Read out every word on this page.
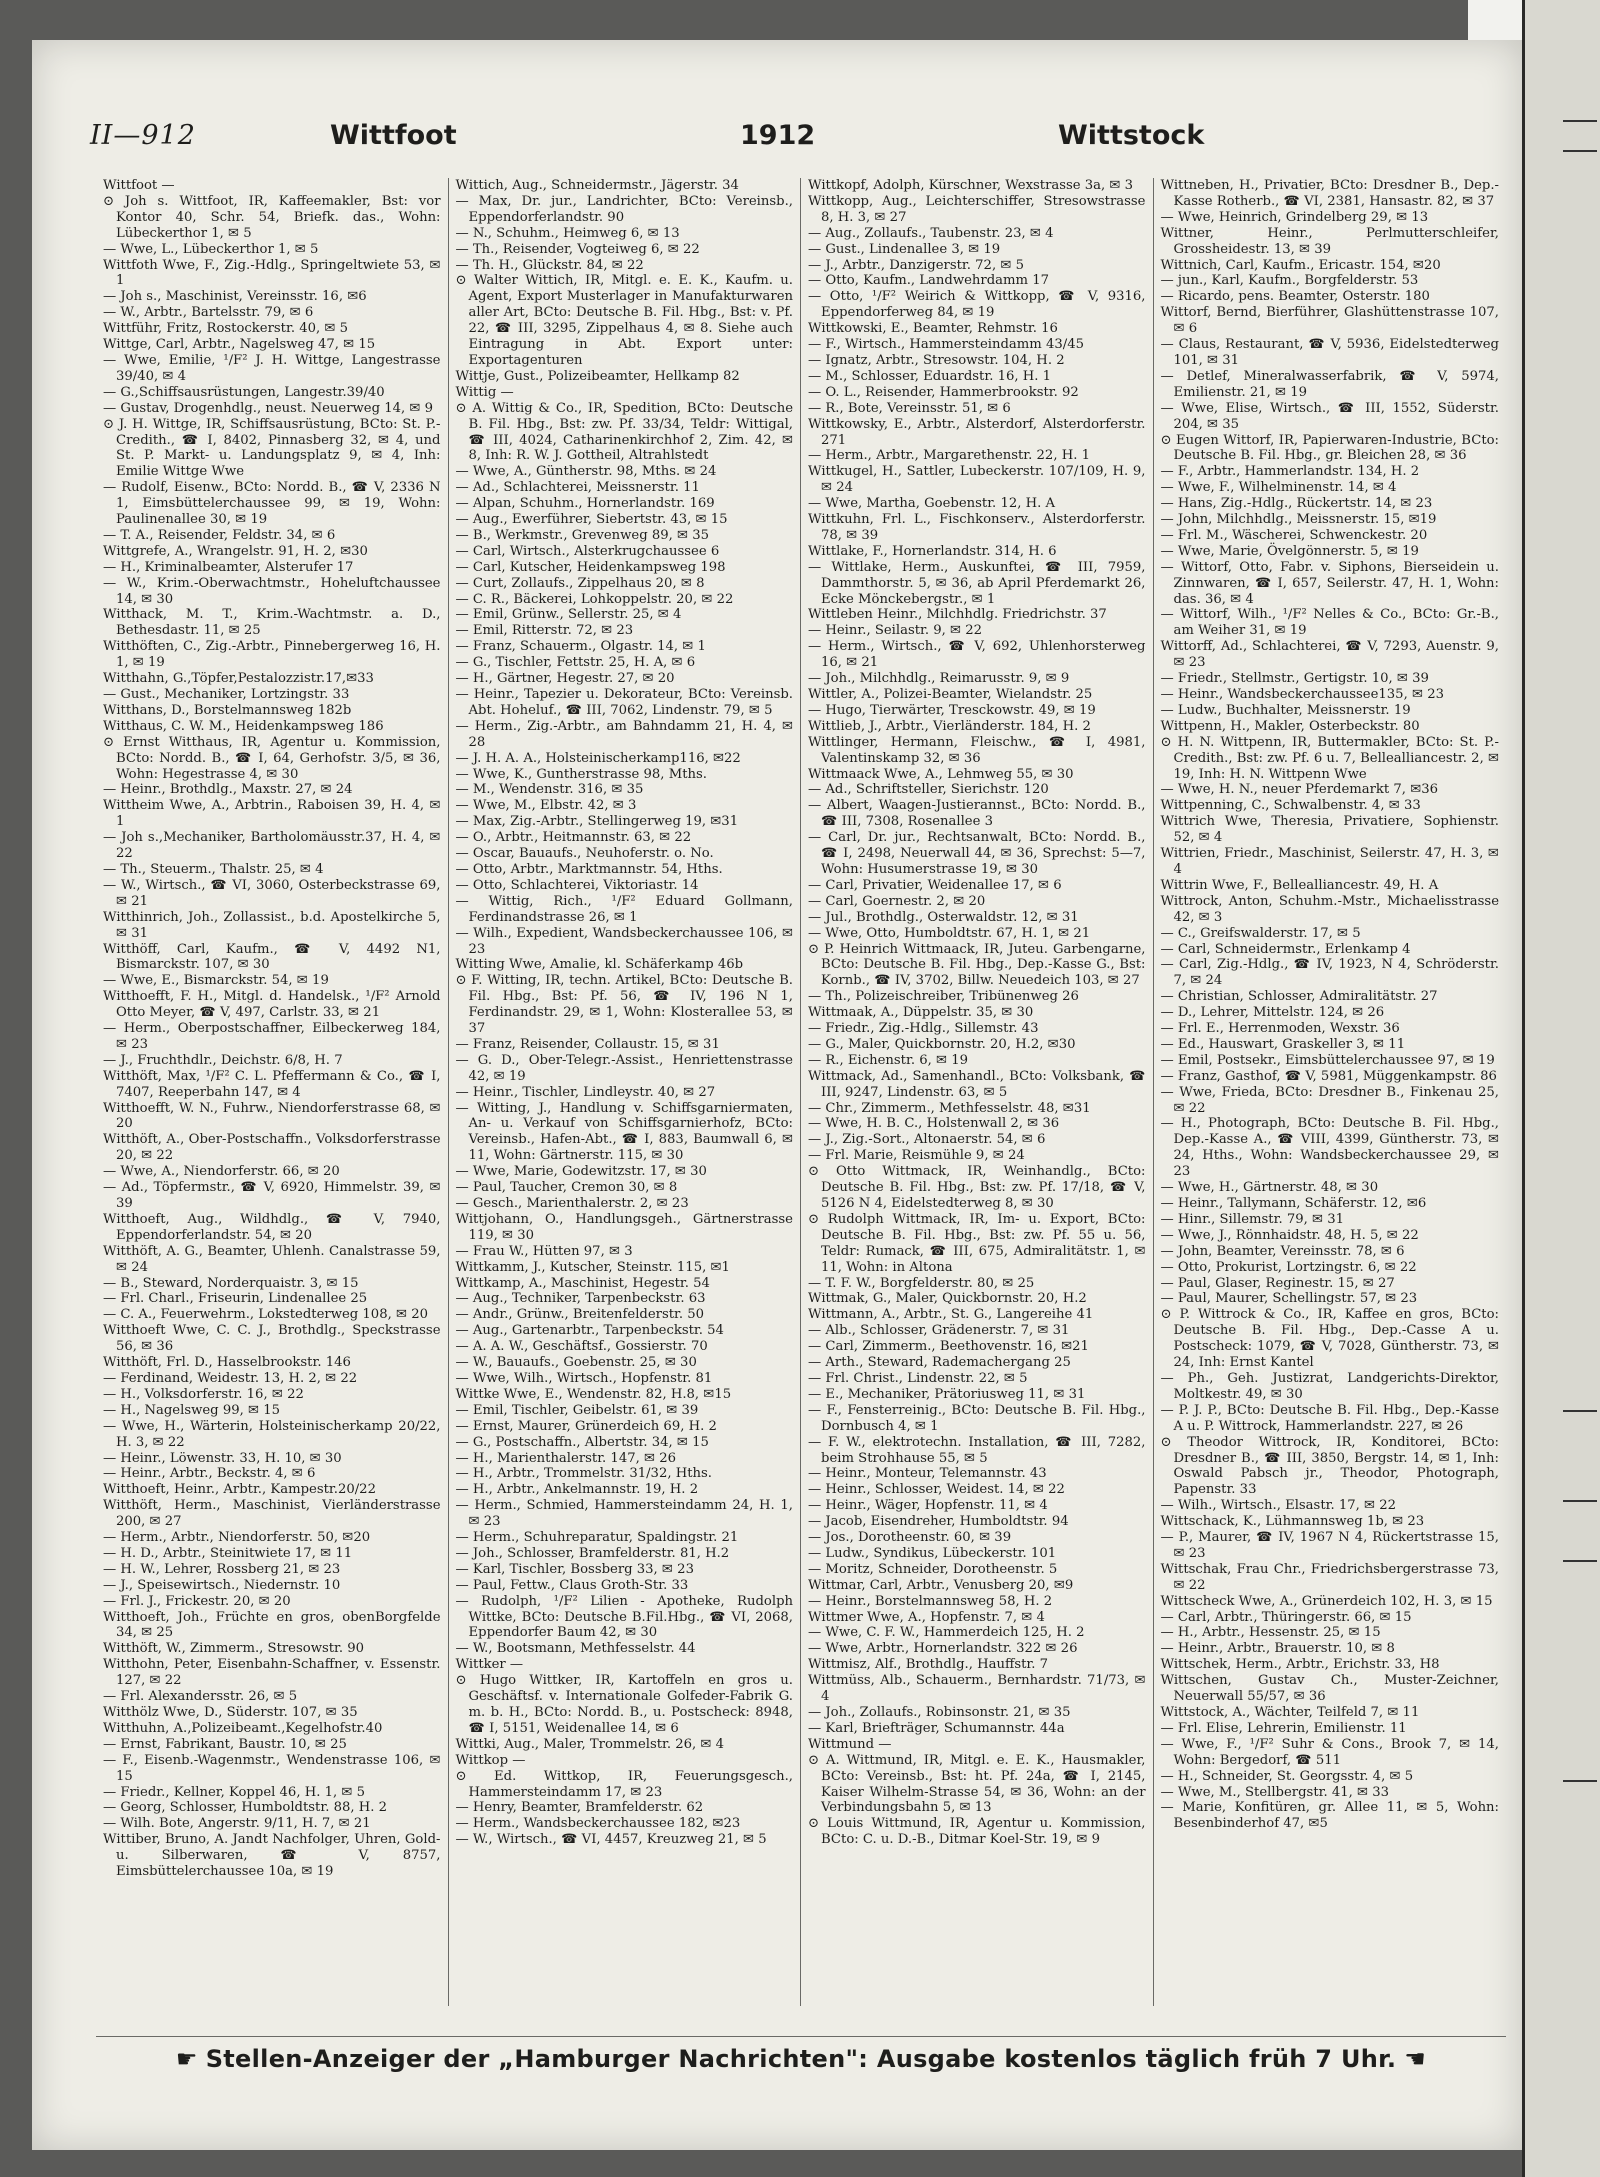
II—912	Wittfoot	1912	Wittstock

Wittfoot —

⊙ Joh s. Wittfoot, IR, Kaffeemakler, Bst: vor Kontor 40, Schr. 54, Briefk. das., Wohn: Lübeckerthor 1, ✉ 5

— Wwe, L., Lübeckerthor 1, ✉ 5

Wittfoth Wwe, F., Zig.-Hdlg., Springeltwiete 53, ✉ 1

— Joh s., Maschinist, Vereinsstr. 16, ✉6

— W., Arbtr., Bartelsstr. 79, ✉ 6

Wittführ, Fritz, Rostockerstr. 40, ✉ 5

Wittge, Carl, Arbtr., Nagelsweg 47, ✉ 15

— Wwe, Emilie, ¹/F² J. H. Wittge, Langestrasse 39/40, ✉ 4

— G.,Schiffsausrüstungen, Langestr.39/40

— Gustav, Drogenhdlg., neust. Neuerweg 14, ✉ 9

⊙ J. H. Wittge, IR, Schiffsausrüstung, BCto: St. P.-Credith., ☎ I, 8402, Pinnasberg 32, ✉ 4, und St. P. Markt- u. Landungsplatz 9, ✉ 4, Inh: Emilie Wittge Wwe

— Rudolf, Eisenw., BCto: Nordd. B., ☎ V, 2336 N 1, Eimsbüttelerchaussee 99, ✉ 19, Wohn: Paulinenallee 30, ✉ 19

— T. A., Reisender, Feldstr. 34, ✉ 6

Wittgrefe, A., Wrangelstr. 91, H. 2, ✉30

— H., Kriminalbeamter, Alsterufer 17

— W., Krim.-Oberwachtmstr., Hoheluftchaussee 14, ✉ 30

Witthack, M. T., Krim.-Wachtmstr. a. D., Bethesdastr. 11, ✉ 25

Witthöften, C., Zig.-Arbtr., Pinnebergerweg 16, H. 1, ✉ 19

Witthahn, G.,Töpfer,Pestalozzistr.17,✉33

— Gust., Mechaniker, Lortzingstr. 33

Witthans, D., Borstelmannsweg 182b

Witthaus, C. W. M., Heidenkampsweg 186

⊙ Ernst Witthaus, IR, Agentur u. Kommission, BCto: Nordd. B., ☎ I, 64, Gerhofstr. 3/5, ✉ 36, Wohn: Hegestrasse 4, ✉ 30

— Heinr., Brothdlg., Maxstr. 27, ✉ 24

Wittheim Wwe, A., Arbtrin., Raboisen 39, H. 4, ✉ 1

— Joh s.,Mechaniker, Bartholomäusstr.37, H. 4, ✉ 22

— Th., Steuerm., Thalstr. 25, ✉ 4

— W., Wirtsch., ☎ VI, 3060, Osterbeckstrasse 69, ✉ 21

Witthinrich, Joh., Zollassist., b.d. Apostelkirche 5, ✉ 31

Witthöff, Carl, Kaufm., ☎ V, 4492 N1, Bismarckstr. 107, ✉ 30

— Wwe, E., Bismarckstr. 54, ✉ 19

Witthoefft, F. H., Mitgl. d. Handelsk., ¹/F² Arnold Otto Meyer, ☎ V, 497, Carlstr. 33, ✉ 21

— Herm., Oberpostschaffner, Eilbeckerweg 184, ✉ 23

— J., Fruchthdlr., Deichstr. 6/8, H. 7

Witthöft, Max, ¹/F² C. L. Pfeffermann & Co., ☎ I, 7407, Reeperbahn 147, ✉ 4

Witthoefft, W. N., Fuhrw., Niendorferstrasse 68, ✉ 20

Witthöft, A., Ober-Postschaffn., Volksdorferstrasse 20, ✉ 22

— Wwe, A., Niendorferstr. 66, ✉ 20

— Ad., Töpfermstr., ☎ V, 6920, Himmelstr. 39, ✉ 39

Witthoeft, Aug., Wildhdlg., ☎ V, 7940, Eppendorferlandstr. 54, ✉ 20

Witthöft, A. G., Beamter, Uhlenh. Canalstrasse 59, ✉ 24

— B., Steward, Norderquaistr. 3, ✉ 15

— Frl. Charl., Friseurin, Lindenallee 25

— C. A., Feuerwehrm., Lokstedterweg 108, ✉ 20

Witthoeft Wwe, C. C. J., Brothdlg., Speckstrasse 56, ✉ 36

Witthöft, Frl. D., Hasselbrookstr. 146

— Ferdinand, Weidestr. 13, H. 2, ✉ 22

— H., Volksdorferstr. 16, ✉ 22

— H., Nagelsweg 99, ✉ 15

— Wwe, H., Wärterin, Holsteinischerkamp 20/22, H. 3, ✉ 22

— Heinr., Löwenstr. 33, H. 10, ✉ 30

— Heinr., Arbtr., Beckstr. 4, ✉ 6

Witthoeft, Heinr., Arbtr., Kampestr.20/22

Witthöft, Herm., Maschinist, Vierländerstrasse 200, ✉ 27

— Herm., Arbtr., Niendorferstr. 50, ✉20

— H. D., Arbtr., Steinitwiete 17, ✉ 11

— H. W., Lehrer, Rossberg 21, ✉ 23

— J., Speisewirtsch., Niedernstr. 10

— Frl. J., Frickestr. 20, ✉ 20

Witthoeft, Joh., Früchte en gros, obenBorgfelde 34, ✉ 25

Witthöft, W., Zimmerm., Stresowstr. 90

Witthohn, Peter, Eisenbahn-Schaffner, v. Essenstr. 127, ✉ 22

— Frl. Alexandersstr. 26, ✉ 5

Witthölz Wwe, D., Süderstr. 107, ✉ 35

Witthuhn, A.,Polizeibeamt.,Kegelhofstr.40

— Ernst, Fabrikant, Baustr. 10, ✉ 25

— F., Eisenb.-Wagenmstr., Wendenstrasse 106, ✉ 15

— Friedr., Kellner, Koppel 46, H. 1, ✉ 5

— Georg, Schlosser, Humboldtstr. 88, H. 2

— Wilh. Bote, Angerstr. 9/11, H. 7, ✉ 21

Wittiber, Bruno, A. Jandt Nachfolger, Uhren, Gold- u. Silberwaren, ☎ V, 8757, Eimsbüttelerchaussee 10a, ✉ 19

Wittich, Aug., Schneidermstr., Jägerstr. 34

— Max, Dr. jur., Landrichter, BCto: Vereinsb., Eppendorferlandstr. 90

— N., Schuhm., Heimweg 6, ✉ 13

— Th., Reisender, Vogteiweg 6, ✉ 22

— Th. H., Glückstr. 84, ✉ 22

⊙ Walter Wittich, IR, Mitgl. e. E. K., Kaufm. u. Agent, Export Musterlager in Manufakturwaren aller Art, BCto: Deutsche B. Fil. Hbg., Bst: v. Pf. 22, ☎ III, 3295, Zippelhaus 4, ✉ 8. Siehe auch Eintragung in Abt. Export unter: Exportagenturen

Wittje, Gust., Polizeibeamter, Hellkamp 82

Wittig —

⊙ A. Wittig & Co., IR, Spedition, BCto: Deutsche B. Fil. Hbg., Bst: zw. Pf. 33/34, Teldr: Wittigal, ☎ III, 4024, Catharinenkirchhof 2, Zim. 42, ✉ 8, Inh: R. W. J. Gottheil, Altrahlstedt

— Wwe, A., Güntherstr. 98, Mths. ✉ 24

— Ad., Schlachterei, Meissnerstr. 11

— Alpan, Schuhm., Hornerlandstr. 169

— Aug., Ewerführer, Siebertstr. 43, ✉ 15

— B., Werkmstr., Grevenweg 89, ✉ 35

— Carl, Wirtsch., Alsterkrugchaussee 6

— Carl, Kutscher, Heidenkampsweg 198

— Curt, Zollaufs., Zippelhaus 20, ✉ 8

— C. R., Bäckerei, Lohkoppelstr. 20, ✉ 22

— Emil, Grünw., Sellerstr. 25, ✉ 4

— Emil, Ritterstr. 72, ✉ 23

— Franz, Schauerm., Olgastr. 14, ✉ 1

— G., Tischler, Fettstr. 25, H. A, ✉ 6

— H., Gärtner, Hegestr. 27, ✉ 20

— Heinr., Tapezier u. Dekorateur, BCto: Vereinsb. Abt. Hoheluf., ☎ III, 7062, Lindenstr. 79, ✉ 5

— Herm., Zig.-Arbtr., am Bahndamm 21, H. 4, ✉ 28

— J. H. A. A., Holsteinischerkamp116, ✉22

— Wwe, K., Guntherstrasse 98, Mths.

— M., Wendenstr. 316, ✉ 35

— Wwe, M., Elbstr. 42, ✉ 3

— Max, Zig.-Arbtr., Stellingerweg 19, ✉31

— O., Arbtr., Heitmannstr. 63, ✉ 22

— Oscar, Bauaufs., Neuhoferstr. o. No.

— Otto, Arbtr., Marktmannstr. 54, Hths.

— Otto, Schlachterei, Viktoriastr. 14

— Wittig, Rich., ¹/F² Eduard Gollmann, Ferdinandstrasse 26, ✉ 1

— Wilh., Expedient, Wandsbeckerchaussee 106, ✉ 23

Witting Wwe, Amalie, kl. Schäferkamp 46b

⊙ F. Witting, IR, techn. Artikel, BCto: Deutsche B. Fil. Hbg., Bst: Pf. 56, ☎ IV, 196 N 1, Ferdinandstr. 29, ✉ 1, Wohn: Klosterallee 53, ✉ 37

— Franz, Reisender, Collaustr. 15, ✉ 31

— G. D., Ober-Telegr.-Assist., Henriettenstrasse 42, ✉ 19

— Heinr., Tischler, Lindleystr. 40, ✉ 27

— Witting, J., Handlung v. Schiffsgarniermaten, An- u. Verkauf von Schiffsgarnierhofz, BCto: Vereinsb., Hafen-Abt., ☎ I, 883, Baumwall 6, ✉ 11, Wohn: Gärtnerstr. 115, ✉ 30

— Wwe, Marie, Godewitzstr. 17, ✉ 30

— Paul, Taucher, Cremon 30, ✉ 8

— Gesch., Marienthalerstr. 2, ✉ 23

Wittjohann, O., Handlungsgeh., Gärtnerstrasse 119, ✉ 30

— Frau W., Hütten 97, ✉ 3

Wittkamm, J., Kutscher, Steinstr. 115, ✉1

Wittkamp, A., Maschinist, Hegestr. 54

— Aug., Techniker, Tarpenbeckstr. 63

— Andr., Grünw., Breitenfelderstr. 50

— Aug., Gartenarbtr., Tarpenbeckstr. 54

— A. A. W., Geschäftsf., Gossierstr. 70

— W., Bauaufs., Goebenstr. 25, ✉ 30

— Wwe, Wilh., Wirtsch., Hopfenstr. 81

Wittke Wwe, E., Wendenstr. 82, H.8, ✉15

— Emil, Tischler, Geibelstr. 61, ✉ 39

— Ernst, Maurer, Grünerdeich 69, H. 2

— G., Postschaffn., Albertstr. 34, ✉ 15

— H., Marienthalerstr. 147, ✉ 26

— H., Arbtr., Trommelstr. 31/32, Hths.

— H., Arbtr., Ankelmannstr. 19, H. 2

— Herm., Schmied, Hammersteindamm 24, H. 1, ✉ 23

— Herm., Schuhreparatur, Spaldingstr. 21

— Joh., Schlosser, Bramfelderstr. 81, H.2

— Karl, Tischler, Bossberg 33, ✉ 23

— Paul, Fettw., Claus Groth-Str. 33

— Rudolph, ¹/F² Lilien - Apotheke, Rudolph Wittke, BCto: Deutsche B.Fil.Hbg., ☎ VI, 2068, Eppendorfer Baum 42, ✉ 30

— W., Bootsmann, Methfesselstr. 44

Wittker —

⊙ Hugo Wittker, IR, Kartoffeln en gros u. Geschäftsf. v. Internationale Golfeder-Fabrik G. m. b. H., BCto: Nordd. B., u. Postscheck: 8948, ☎ I, 5151, Weidenallee 14, ✉ 6

Wittki, Aug., Maler, Trommelstr. 26, ✉ 4

Wittkop —

⊙ Ed. Wittkop, IR, Feuerungsgesch., Hammersteindamm 17, ✉ 23

— Henry, Beamter, Bramfelderstr. 62

— Herm., Wandsbeckerchaussee 182, ✉23

— W., Wirtsch., ☎ VI, 4457, Kreuzweg 21, ✉ 5

Wittkopf, Adolph, Kürschner, Wexstrasse 3a, ✉ 3

Wittkopp, Aug., Leichterschiffer, Stresowstrasse 8, H. 3, ✉ 27

— Aug., Zollaufs., Taubenstr. 23, ✉ 4

— Gust., Lindenallee 3, ✉ 19

— J., Arbtr., Danzigerstr. 72, ✉ 5

— Otto, Kaufm., Landwehrdamm 17

— Otto, ¹/F² Weirich & Wittkopp, ☎ V, 9316, Eppendorferweg 84, ✉ 19

Wittkowski, E., Beamter, Rehmstr. 16

— F., Wirtsch., Hammersteindamm 43/45

— Ignatz, Arbtr., Stresowstr. 104, H. 2

— M., Schlosser, Eduardstr. 16, H. 1

— O. L., Reisender, Hammerbrookstr. 92

— R., Bote, Vereinsstr. 51, ✉ 6

Wittkowsky, E., Arbtr., Alsterdorf, Alsterdorferstr. 271

— Herm., Arbtr., Margarethenstr. 22, H. 1

Wittkugel, H., Sattler, Lubeckerstr. 107/109, H. 9, ✉ 24

— Wwe, Martha, Goebenstr. 12, H. A

Wittkuhn, Frl. L., Fischkonserv., Alsterdorferstr. 78, ✉ 39

Wittlake, F., Hornerlandstr. 314, H. 6

— Wittlake, Herm., Auskunftei, ☎ III, 7959, Dammthorstr. 5, ✉ 36, ab April Pferdemarkt 26, Ecke Mönckebergstr., ✉ 1

Wittleben Heinr., Milchhdlg. Friedrichstr. 37

— Heinr., Seilastr. 9, ✉ 22

— Herm., Wirtsch., ☎ V, 692, Uhlenhorsterweg 16, ✉ 21

— Joh., Milchhdlg., Reimarusstr. 9, ✉ 9

Wittler, A., Polizei-Beamter, Wielandstr. 25

— Hugo, Tierwärter, Tresckowstr. 49, ✉ 19

Wittlieb, J., Arbtr., Vierländerstr. 184, H. 2

Wittlinger, Hermann, Fleischw., ☎ I, 4981, Valentinskamp 32, ✉ 36

Wittmaack Wwe, A., Lehmweg 55, ✉ 30

— Ad., Schriftsteller, Sierichstr. 120

— Albert, Waagen-Justierannst., BCto: Nordd. B., ☎ III, 7308, Rosenallee 3

— Carl, Dr. jur., Rechtsanwalt, BCto: Nordd. B., ☎ I, 2498, Neuerwall 44, ✉ 36, Sprechst: 5—7, Wohn: Husumerstrasse 19, ✉ 30

— Carl, Privatier, Weidenallee 17, ✉ 6

— Carl, Goernestr. 2, ✉ 20

— Jul., Brothdlg., Osterwaldstr. 12, ✉ 31

— Wwe, Otto, Humboldtstr. 67, H. 1, ✉ 21

⊙ P. Heinrich Wittmaack, IR, Juteu. Garbengarne, BCto: Deutsche B. Fil. Hbg., Dep.-Kasse G., Bst: Kornb., ☎ IV, 3702, Billw. Neuedeich 103, ✉ 27

— Th., Polizeischreiber, Tribünenweg 26

Wittmaak, A., Düppelstr. 35, ✉ 30

— Friedr., Zig.-Hdlg., Sillemstr. 43

— G., Maler, Quickbornstr. 20, H.2, ✉30

— R., Eichenstr. 6, ✉ 19

Wittmack, Ad., Samenhandl., BCto: Volksbank, ☎ III, 9247, Lindenstr. 63, ✉ 5

— Chr., Zimmerm., Methfesselstr. 48, ✉31

— Wwe, H. B. C., Holstenwall 2, ✉ 36

— J., Zig.-Sort., Altonaerstr. 54, ✉ 6

— Frl. Marie, Reismühle 9, ✉ 24

⊙ Otto Wittmack, IR, Weinhandlg., BCto: Deutsche B. Fil. Hbg., Bst: zw. Pf. 17/18, ☎ V, 5126 N 4, Eidelstedterweg 8, ✉ 30

⊙ Rudolph Wittmack, IR, Im- u. Export, BCto: Deutsche B. Fil. Hbg., Bst: zw. Pf. 55 u. 56, Teldr: Rumack, ☎ III, 675, Admiralitätstr. 1, ✉ 11, Wohn: in Altona

— T. F. W., Borgfelderstr. 80, ✉ 25

Wittmak, G., Maler, Quickbornstr. 20, H.2

Wittmann, A., Arbtr., St. G., Langereihe 41

— Alb., Schlosser, Grädenerstr. 7, ✉ 31

— Carl, Zimmerm., Beethovenstr. 16, ✉21

— Arth., Steward, Rademachergang 25

— Frl. Christ., Lindenstr. 22, ✉ 5

— E., Mechaniker, Prätoriusweg 11, ✉ 31

— F., Fensterreinig., BCto: Deutsche B. Fil. Hbg., Dornbusch 4, ✉ 1

— F. W., elektrotechn. Installation, ☎ III, 7282, beim Strohhause 55, ✉ 5

— Heinr., Monteur, Telemannstr. 43

— Heinr., Schlosser, Weidest. 14, ✉ 22

— Heinr., Wäger, Hopfenstr. 11, ✉ 4

— Jacob, Eisendreher, Humboldtstr. 94

— Jos., Dorotheenstr. 60, ✉ 39

— Ludw., Syndikus, Lübeckerstr. 101

— Moritz, Schneider, Dorotheenstr. 5

Wittmar, Carl, Arbtr., Venusberg 20, ✉9

— Heinr., Borstelmannsweg 58, H. 2

Wittmer Wwe, A., Hopfenstr. 7, ✉ 4

— Wwe, C. F. W., Hammerdeich 125, H. 2

— Wwe, Arbtr., Hornerlandstr. 322 ✉ 26

Wittmisz, Alf., Brothdlg., Hauffstr. 7

Wittmüss, Alb., Schauerm., Bernhardstr. 71/73, ✉ 4

— Joh., Zollaufs., Robinsonstr. 21, ✉ 35

— Karl, Briefträger, Schumannstr. 44a

Wittmund —

⊙ A. Wittmund, IR, Mitgl. e. E. K., Hausmakler, BCto: Vereinsb., Bst: ht. Pf. 24a, ☎ I, 2145, Kaiser Wilhelm-Strasse 54, ✉ 36, Wohn: an der Verbindungsbahn 5, ✉ 13

⊙ Louis Wittmund, IR, Agentur u. Kommission, BCto: C. u. D.-B., Ditmar Koel-Str. 19, ✉ 9

Wittneben, H., Privatier, BCto: Dresdner B., Dep.-Kasse Rotherb., ☎ VI, 2381, Hansastr. 82, ✉ 37

— Wwe, Heinrich, Grindelberg 29, ✉ 13

Wittner, Heinr., Perlmutterschleifer, Grossheidestr. 13, ✉ 39

Wittnich, Carl, Kaufm., Ericastr. 154, ✉20

— jun., Karl, Kaufm., Borgfelderstr. 53

— Ricardo, pens. Beamter, Osterstr. 180

Wittorf, Bernd, Bierführer, Glashüttenstrasse 107, ✉ 6

— Claus, Restaurant, ☎ V, 5936, Eidelstedterweg 101, ✉ 31

— Detlef, Mineralwasserfabrik, ☎ V, 5974, Emilienstr. 21, ✉ 19

— Wwe, Elise, Wirtsch., ☎ III, 1552, Süderstr. 204, ✉ 35

⊙ Eugen Wittorf, IR, Papierwaren-Industrie, BCto: Deutsche B. Fil. Hbg., gr. Bleichen 28, ✉ 36

— F., Arbtr., Hammerlandstr. 134, H. 2

— Wwe, F., Wilhelminenstr. 14, ✉ 4

— Hans, Zig.-Hdlg., Rückertstr. 14, ✉ 23

— John, Milchhdlg., Meissnerstr. 15, ✉19

— Frl. M., Wäscherei, Schwenckestr. 20

— Wwe, Marie, Övelgönnerstr. 5, ✉ 19

— Wittorf, Otto, Fabr. v. Siphons, Bierseidein u. Zinnwaren, ☎ I, 657, Seilerstr. 47, H. 1, Wohn: das. 36, ✉ 4

— Wittorf, Wilh., ¹/F² Nelles & Co., BCto: Gr.-B., am Weiher 31, ✉ 19

Wittorff, Ad., Schlachterei, ☎ V, 7293, Auenstr. 9, ✉ 23

— Friedr., Stellmstr., Gertigstr. 10, ✉ 39

— Heinr., Wandsbeckerchaussee135, ✉ 23

— Ludw., Buchhalter, Meissnerstr. 19

Wittpenn, H., Makler, Osterbeckstr. 80

⊙ H. N. Wittpenn, IR, Buttermakler, BCto: St. P.-Credith., Bst: zw. Pf. 6 u. 7, Bellealliancestr. 2, ✉ 19, Inh: H. N. Wittpenn Wwe

— Wwe, H. N., neuer Pferdemarkt 7, ✉36

Wittpenning, C., Schwalbenstr. 4, ✉ 33

Wittrich Wwe, Theresia, Privatiere, Sophienstr. 52, ✉ 4

Wittrien, Friedr., Maschinist, Seilerstr. 47, H. 3, ✉ 4

Wittrin Wwe, F., Bellealliancestr. 49, H. A

Wittrock, Anton, Schuhm.-Mstr., Michaelisstrasse 42, ✉ 3

— C., Greifswalderstr. 17, ✉ 5

— Carl, Schneidermstr., Erlenkamp 4

— Carl, Zig.-Hdlg., ☎ IV, 1923, N 4, Schröderstr. 7, ✉ 24

— Christian, Schlosser, Admiralitätstr. 27

— D., Lehrer, Mittelstr. 124, ✉ 26

— Frl. E., Herrenmoden, Wexstr. 36

— Ed., Hauswart, Graskeller 3, ✉ 11

— Emil, Postsekr., Eimsbüttelerchaussee 97, ✉ 19

— Franz, Gasthof, ☎ V, 5981, Müggenkampstr. 86

— Wwe, Frieda, BCto: Dresdner B., Finkenau 25, ✉ 22

— H., Photograph, BCto: Deutsche B. Fil. Hbg., Dep.-Kasse A., ☎ VIII, 4399, Güntherstr. 73, ✉ 24, Hths., Wohn: Wandsbeckerchaussee 29, ✉ 23

— Wwe, H., Gärtnerstr. 48, ✉ 30

— Heinr., Tallymann, Schäferstr. 12, ✉6

— Hinr., Sillemstr. 79, ✉ 31

— Wwe, J., Rönnhaidstr. 48, H. 5, ✉ 22

— John, Beamter, Vereinsstr. 78, ✉ 6

— Otto, Prokurist, Lortzingstr. 6, ✉ 22

— Paul, Glaser, Reginestr. 15, ✉ 27

— Paul, Maurer, Schellingstr. 57, ✉ 23

⊙ P. Wittrock & Co., IR, Kaffee en gros, BCto: Deutsche B. Fil. Hbg., Dep.-Casse A u. Postscheck: 1079, ☎ V, 7028, Güntherstr. 73, ✉ 24, Inh: Ernst Kantel

— Ph., Geh. Justizrat, Landgerichts-Direktor, Moltkestr. 49, ✉ 30

— P. J. P., BCto: Deutsche B. Fil. Hbg., Dep.-Kasse A u. P. Wittrock, Hammerlandstr. 227, ✉ 26

⊙ Theodor Wittrock, IR, Konditorei, BCto: Dresdner B., ☎ III, 3850, Bergstr. 14, ✉ 1, Inh: Oswald Pabsch jr., Theodor, Photograph, Papenstr. 33

— Wilh., Wirtsch., Elsastr. 17, ✉ 22

Wittschack, K., Lühmannsweg 1b, ✉ 23

— P., Maurer, ☎ IV, 1967 N 4, Rückertstrasse 15, ✉ 23

Wittschak, Frau Chr., Friedrichsbergerstrasse 73, ✉ 22

Wittscheck Wwe, A., Grünerdeich 102, H. 3, ✉ 15

— Carl, Arbtr., Thüringerstr. 66, ✉ 15

— H., Arbtr., Hessenstr. 25, ✉ 15

— Heinr., Arbtr., Brauerstr. 10, ✉ 8

Wittschek, Herm., Arbtr., Erichstr. 33, H8

Wittschen, Gustav Ch., Muster-Zeichner, Neuerwall 55/57, ✉ 36

Wittstock, A., Wächter, Teilfeld 7, ✉ 11

— Frl. Elise, Lehrerin, Emilienstr. 11

— Wwe, F., ¹/F² Suhr & Cons., Brook 7, ✉ 14, Wohn: Bergedorf, ☎ 511

— H., Schneider, St. Georgsstr. 4, ✉ 5

— Wwe, M., Stellbergstr. 41, ✉ 33

— Marie, Konfitüren, gr. Allee 11, ✉ 5, Wohn: Besenbinderhof 47, ✉5

☛ Stellen-Anzeiger der „Hamburger Nachrichten": Ausgabe kostenlos täglich früh 7 Uhr. ☚
